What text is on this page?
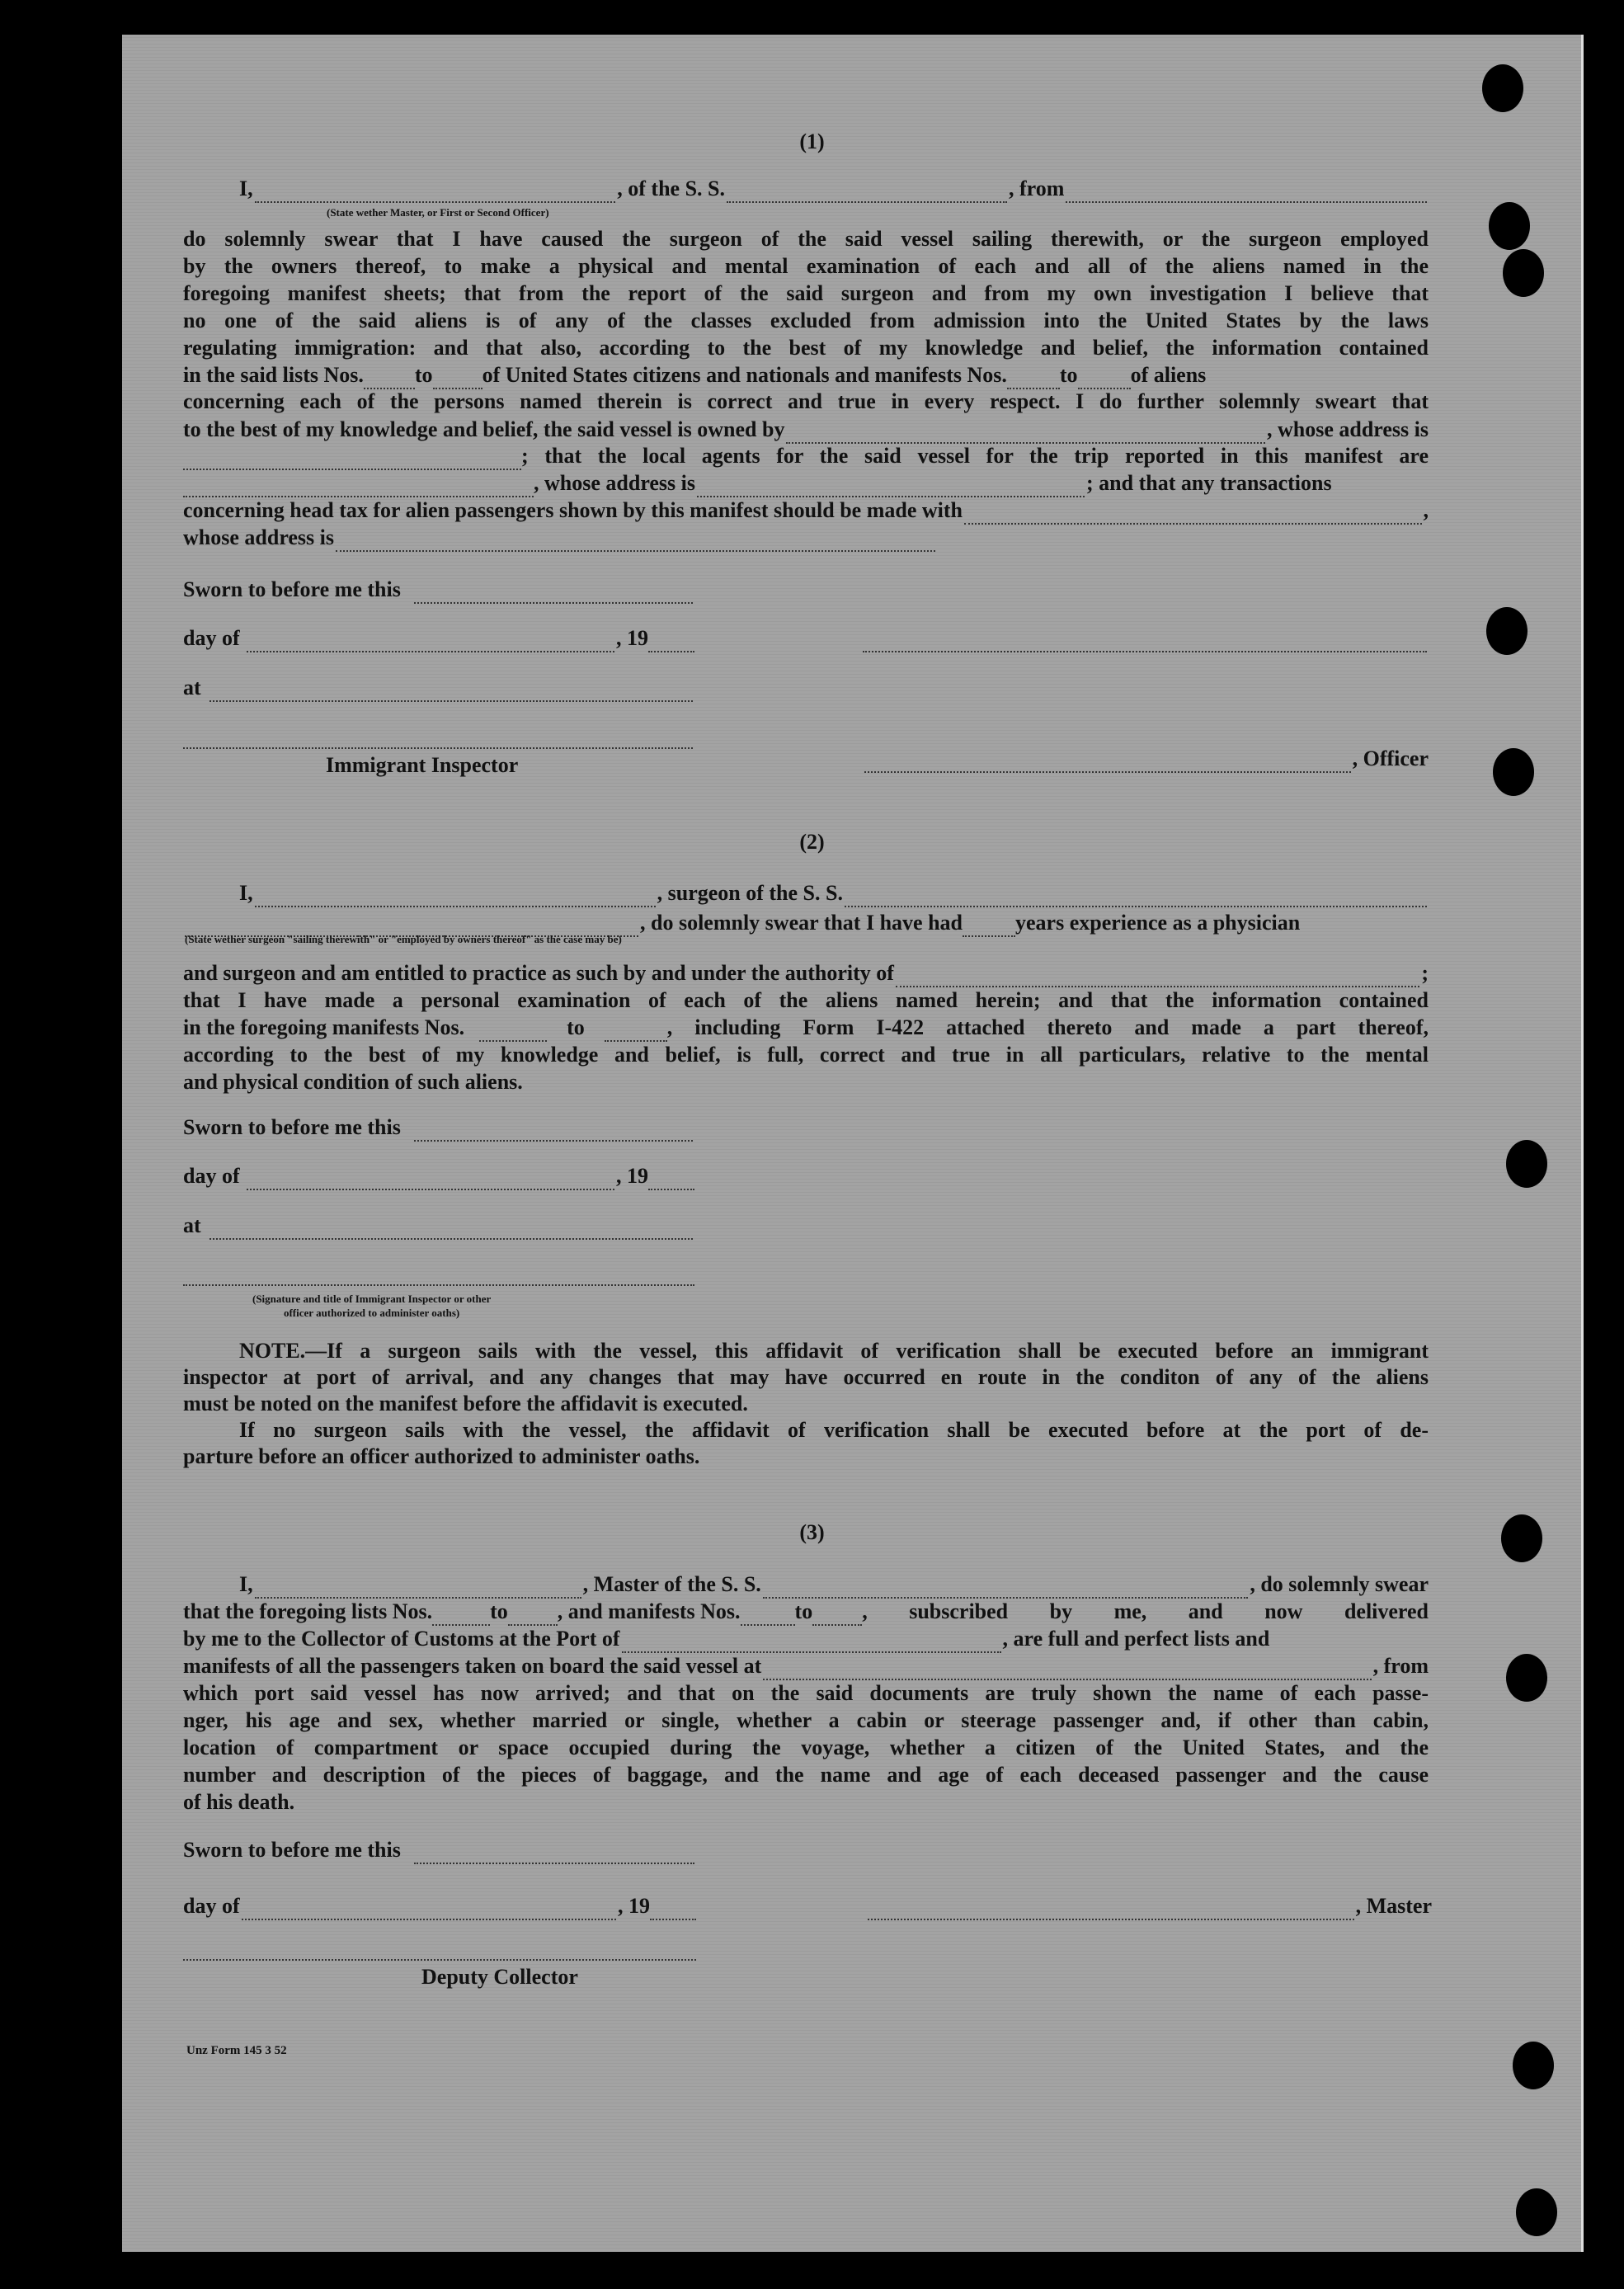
(1)
I,	, of the S. S.	, from
(State wether Master, or First or Second Officer)
do solemnly swear that I have caused the surgeon of the said vessel sailing therewith, or the surgeon employed
by the owners thereof, to make a physical and mental examination of each and all of the aliens named in the
foregoing manifest sheets; that from the report of the said surgeon and from my own investigation I believe that
no one of the said aliens is of any of the classes excluded from admission into the United States by the laws
regulating immigration: and that also, according to the best of my knowledge and belief, the information contained
in the said lists Nos. to of United States citizens and nationals and manifests Nos. to of aliens
concerning each of the persons named therein is correct and true in every respect. I do further solemnly sweart that
to the best of my knowledge and belief, the said vessel is owned by	, whose address is
; that the local agents for the said vessel for the trip reported in this manifest are
, whose address is	; and that any transactions
concerning head tax for alien passengers shown by this manifest should be made with	,
whose address is
Sworn to before me this
day of	, 19
at
Immigrant Inspector	, Officer
(2)
I,	, surgeon of the S. S.
, do solemnly swear that I have had years experience as a physician
(State wether surgeon "sailing therewith" or "employed by owners thereof" as the case may be)
and surgeon and am entitled to practice as such by and under the authority of	;
that I have made a personal examination of each of the aliens named herein; and that the information contained
in the foregoing manifests Nos.	to	, including Form I-422 attached thereto and made a part thereof,
according to the best of my knowledge and belief, is full, correct and true in all particulars, relative to the mental
and physical condition of such aliens.
Sworn to before me this
day of	, 19
at
(Signature and title of Immigrant Inspector or other
officer authorized to administer oaths)
NOTE.—If a surgeon sails with the vessel, this affidavit of verification shall be executed before an immigrant
inspector at port of arrival, and any changes that may have occurred en route in the conditon of any of the aliens
must be noted on the manifest before the affidavit is executed.
If no surgeon sails with the vessel, the affidavit of verification shall be executed before at the port of de-
parture before an officer authorized to administer oaths.
(3)
I,	, Master of the S. S.	, do solemnly swear
that the foregoing lists Nos.	to , and manifests Nos.	to , subscribed by me, and now delivered
by me to the Collector of Customs at the Port of	, are full and perfect lists and
manifests of all the passengers taken on board the said vessel at	, from
which port said vessel has now arrived; and that on the said documents are truly shown the name of each passe-
nger, his age and sex, whether married or single, whether a cabin or steerage passenger and, if other than cabin,
location of compartment or space occupied during the voyage, whether a citizen of the United States, and the
number and description of the pieces of baggage, and the name and age of each deceased passenger and the cause
of his death.
Sworn to before me this
day of	, 19	, Master
Deputy Collector
Unz Form 145 3 52
